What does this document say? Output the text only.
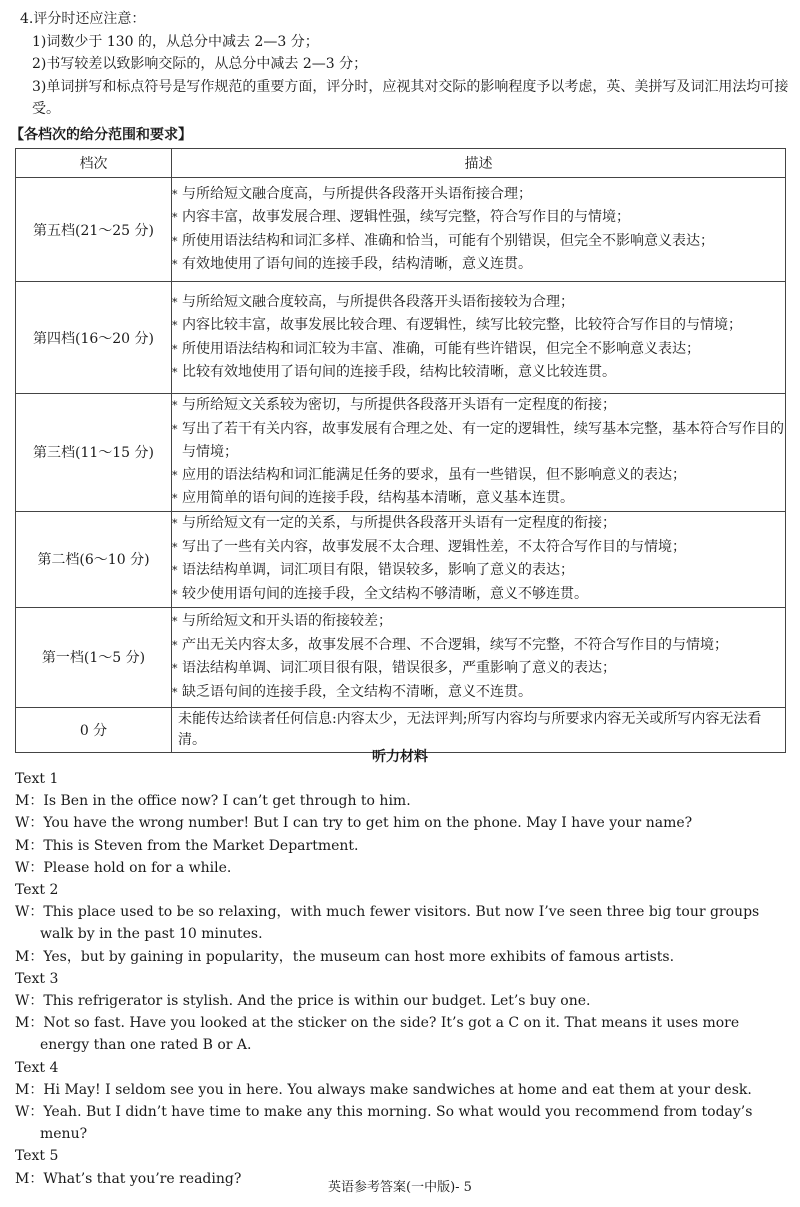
4.评分时还应注意：
1)词数少于 130 的，从总分中减去 2—3 分；
2)书写较差以致影响交际的，从总分中减去 2—3 分；
3)单词拼写和标点符号是写作规范的重要方面，评分时，应视其对交际的影响程度予以考虑，英、美拼写及词汇用法均可接受。
【各档次的给分范围和要求】
档次	描述
第五档(21～25 分)	* 与所给短文融合度高，与所提供各段落开头语衔接合理；
* 内容丰富，故事发展合理、逻辑性强，续写完整，符合写作目的与情境；
* 所使用语法结构和词汇多样、准确和恰当，可能有个别错误，但完全不影响意义表达；
* 有效地使用了语句间的连接手段，结构清晰，意义连贯。

第四档(16～20 分)	* 与所给短文融合度较高，与所提供各段落开头语衔接较为合理；
* 内容比较丰富，故事发展比较合理、有逻辑性，续写比较完整，比较符合写作目的与情境；
* 所使用语法结构和词汇较为丰富、准确，可能有些许错误，但完全不影响意义表达；
* 比较有效地使用了语句间的连接手段，结构比较清晰，意义比较连贯。

第三档(11～15 分)	* 与所给短文关系较为密切，与所提供各段落开头语有一定程度的衔接；
* 写出了若干有关内容，故事发展有合理之处、有一定的逻辑性，续写基本完整，基本符合写作目的与情境；
* 应用的语法结构和词汇能满足任务的要求，虽有一些错误，但不影响意义的表达；
* 应用简单的语句间的连接手段，结构基本清晰，意义基本连贯。

第二档(6～10 分)	* 与所给短文有一定的关系，与所提供各段落开头语有一定程度的衔接；
* 写出了一些有关内容，故事发展不太合理、逻辑性差，不太符合写作目的与情境；
* 语法结构单调，词汇项目有限，错误较多，影响了意义的表达；
* 较少使用语句间的连接手段，全文结构不够清晰，意义不够连贯。

第一档(1～5 分)	* 与所给短文和开头语的衔接较差；
* 产出无关内容太多，故事发展不合理、不合逻辑，续写不完整，不符合写作目的与情境；
* 语法结构单调、词汇项目很有限，错误很多，严重影响了意义的表达；
* 缺乏语句间的连接手段，全文结构不清晰，意义不连贯。

0 分	未能传达给读者任何信息:内容太少，无法评判;所写内容均与所要求内容无关或所写内容无法看清。
听力材料
Text 1
M：Is Ben in the office now? I can’t get through to him.
W：You have the wrong number! But I can try to get him on the phone. May I have your name?
M：This is Steven from the Market Department.
W：Please hold on for a while.
Text 2
W：This place used to be so relaxing，with much fewer visitors. But now I’ve seen three big tour groups walk by in the past 10 minutes.
M：Yes，but by gaining in popularity，the museum can host more exhibits of famous artists.
Text 3
W：This refrigerator is stylish. And the price is within our budget. Let’s buy one.
M：Not so fast. Have you looked at the sticker on the side? It’s got a C on it. That means it uses more energy than one rated B or A.
Text 4
M：Hi May! I seldom see you in here. You always make sandwiches at home and eat them at your desk.
W：Yeah. But I didn’t have time to make any this morning. So what would you recommend from today’s menu?
Text 5
M：What’s that you’re reading?
英语参考答案(一中版)- 5
